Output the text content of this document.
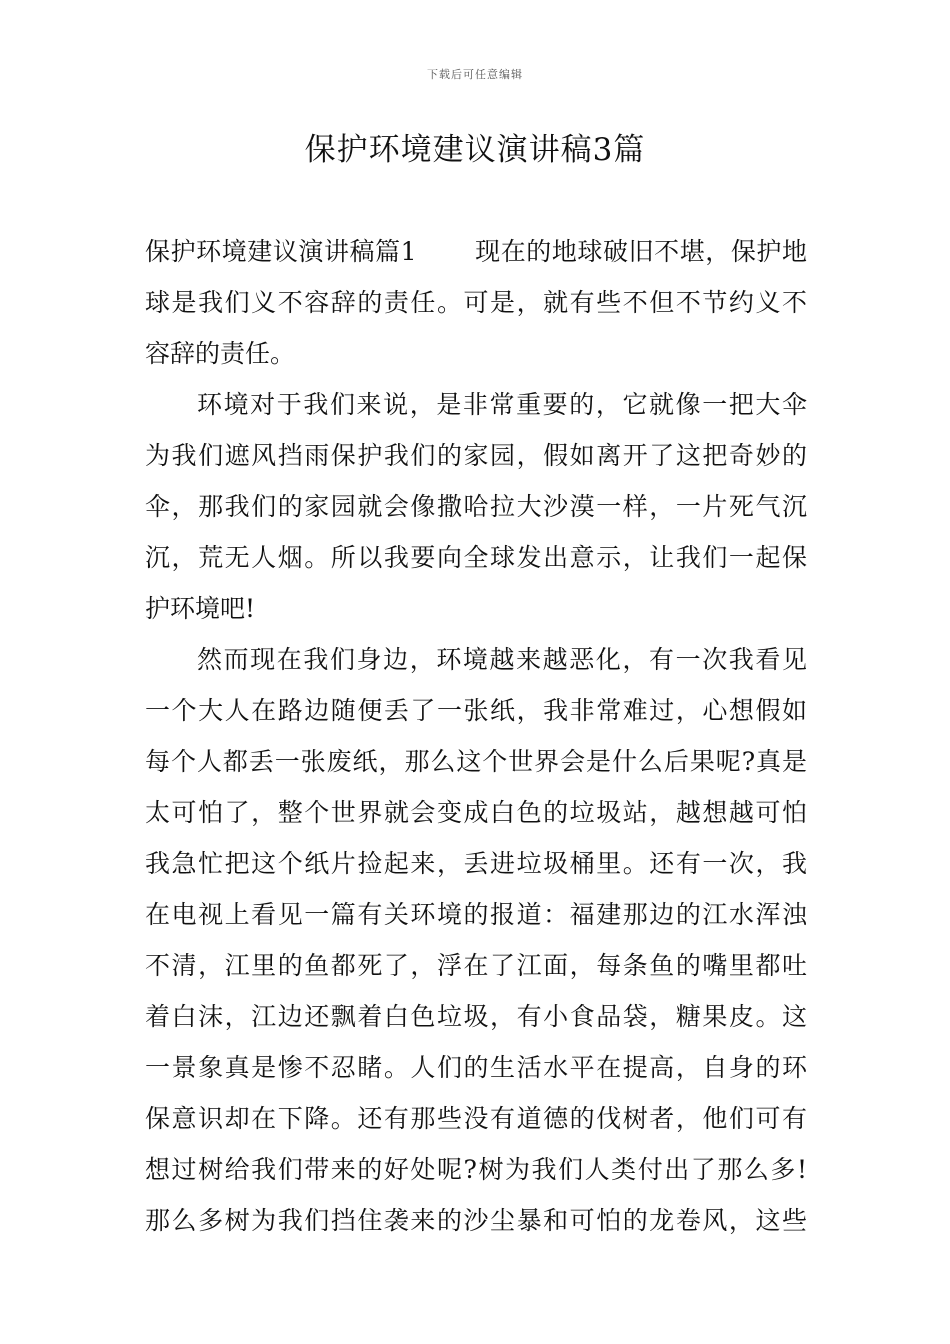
下载后可任意编辑
保护环境建议演讲稿3篇
保护环境建议演讲稿篇1 现在的地球破旧不堪，保护地
球是我们义不容辞的责任。可是，就有些不但不节约义不
容辞的责任。
环境对于我们来说，是非常重要的，它就像一把大伞
为我们遮风挡雨保护我们的家园，假如离开了这把奇妙的
伞，那我们的家园就会像撒哈拉大沙漠一样，一片死气沉
沉，荒无人烟。所以我要向全球发出意示，让我们一起保
护环境吧!
然而现在我们身边，环境越来越恶化，有一次我看见
一个大人在路边随便丢了一张纸，我非常难过，心想假如
每个人都丢一张废纸，那么这个世界会是什么后果呢?真是
太可怕了，整个世界就会变成白色的垃圾站，越想越可怕
我急忙把这个纸片捡起来，丢进垃圾桶里。还有一次，我
在电视上看见一篇有关环境的报道：福建那边的江水浑浊
不清，江里的鱼都死了，浮在了江面，每条鱼的嘴里都吐
着白沫，江边还飘着白色垃圾，有小食品袋，糖果皮。这
一景象真是惨不忍睹。人们的生活水平在提高，自身的环
保意识却在下降。还有那些没有道德的伐树者，他们可有
想过树给我们带来的好处呢?树为我们人类付出了那么多!
那么多树为我们挡住袭来的沙尘暴和可怕的龙卷风，这些
